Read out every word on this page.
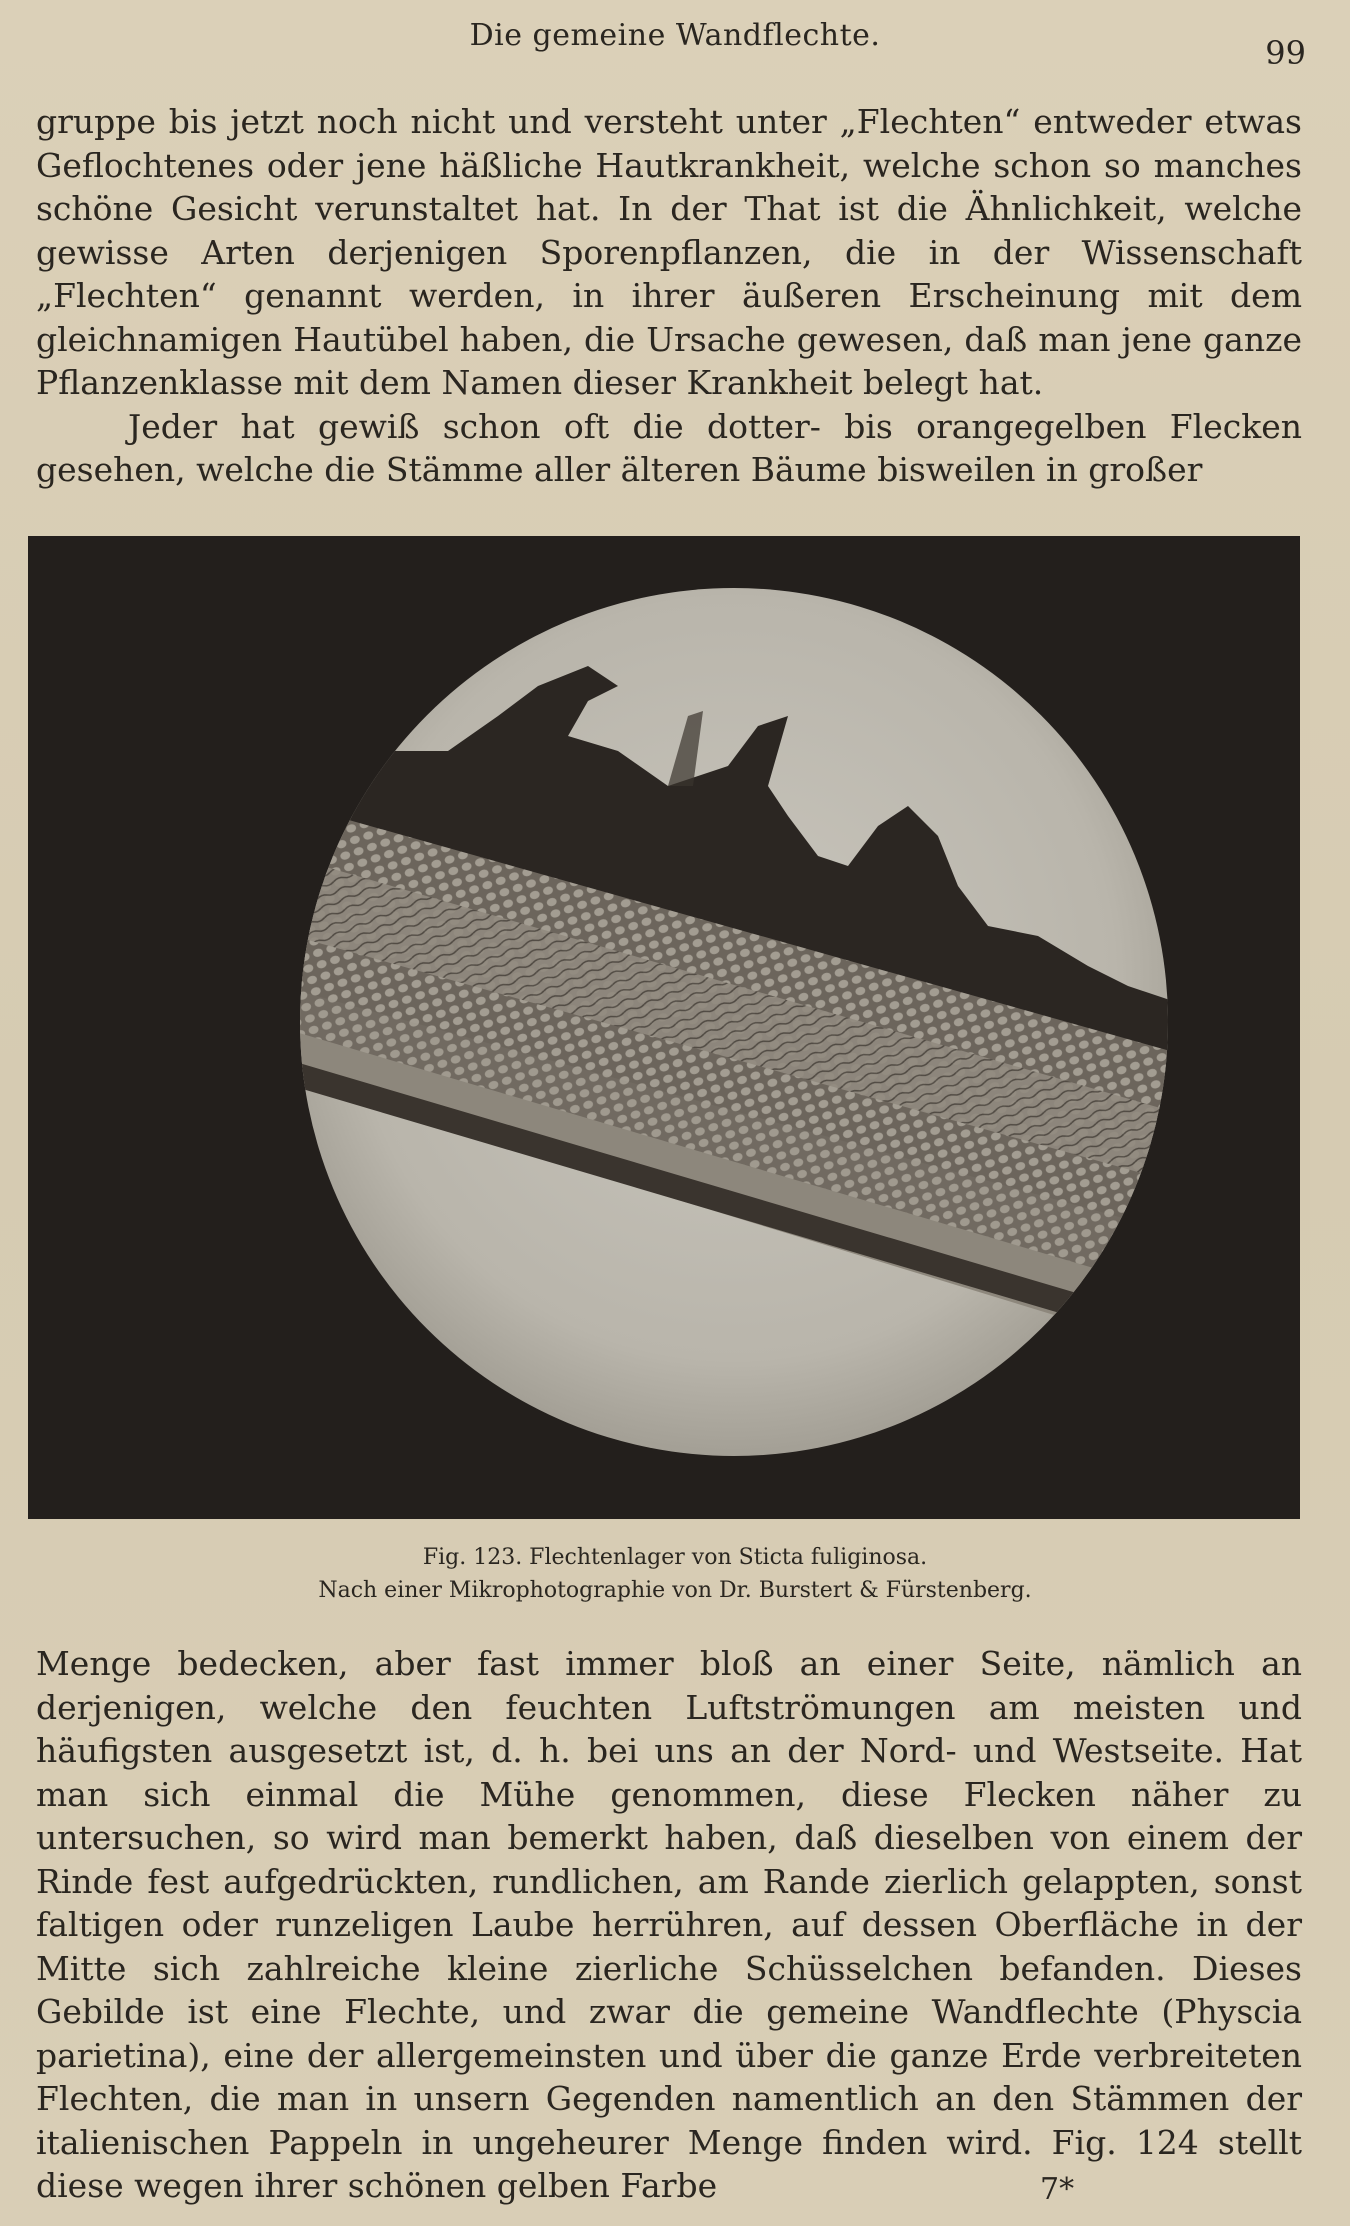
Die gemeine Wandflechte.	99

gruppe bis jetzt noch nicht und versteht unter „Flechten“ entweder etwas Geflochtenes oder jene häßliche Hautkrankheit, welche schon so manches schöne Gesicht verunstaltet hat. In der That ist die Ähnlichkeit, welche gewisse Arten derjenigen Sporenpflanzen, die in der Wissenschaft „Flechten“ genannt werden, in ihrer äußeren Erscheinung mit dem gleichnamigen Hautübel haben, die Ursache gewesen, daß man jene ganze Pflanzenklasse mit dem Namen dieser Krankheit belegt hat.

Jeder hat gewiß schon oft die dotter- bis orangegelben Flecken gesehen, welche die Stämme aller älteren Bäume bisweilen in großer

Fig. 123. Flechtenlager von Sticta fuliginosa.
Nach einer Mikrophotographie von Dr. Burstert & Fürstenberg.

Menge bedecken, aber fast immer bloß an einer Seite, nämlich an derjenigen, welche den feuchten Luftströmungen am meisten und häufigsten ausgesetzt ist, d. h. bei uns an der Nord- und Westseite. Hat man sich einmal die Mühe genommen, diese Flecken näher zu untersuchen, so wird man bemerkt haben, daß dieselben von einem der Rinde fest aufgedrückten, rundlichen, am Rande zierlich gelappten, sonst faltigen oder runzeligen Laube herrühren, auf dessen Oberfläche in der Mitte sich zahlreiche kleine zierliche Schüsselchen befanden. Dieses Gebilde ist eine Flechte, und zwar die gemeine Wandflechte (Physcia parietina), eine der allergemeinsten und über die ganze Erde verbreiteten Flechten, die man in unsern Gegenden namentlich an den Stämmen der italienischen Pappeln in ungeheurer Menge finden wird. Fig. 124 stellt diese wegen ihrer schönen gelben Farbe	7*
